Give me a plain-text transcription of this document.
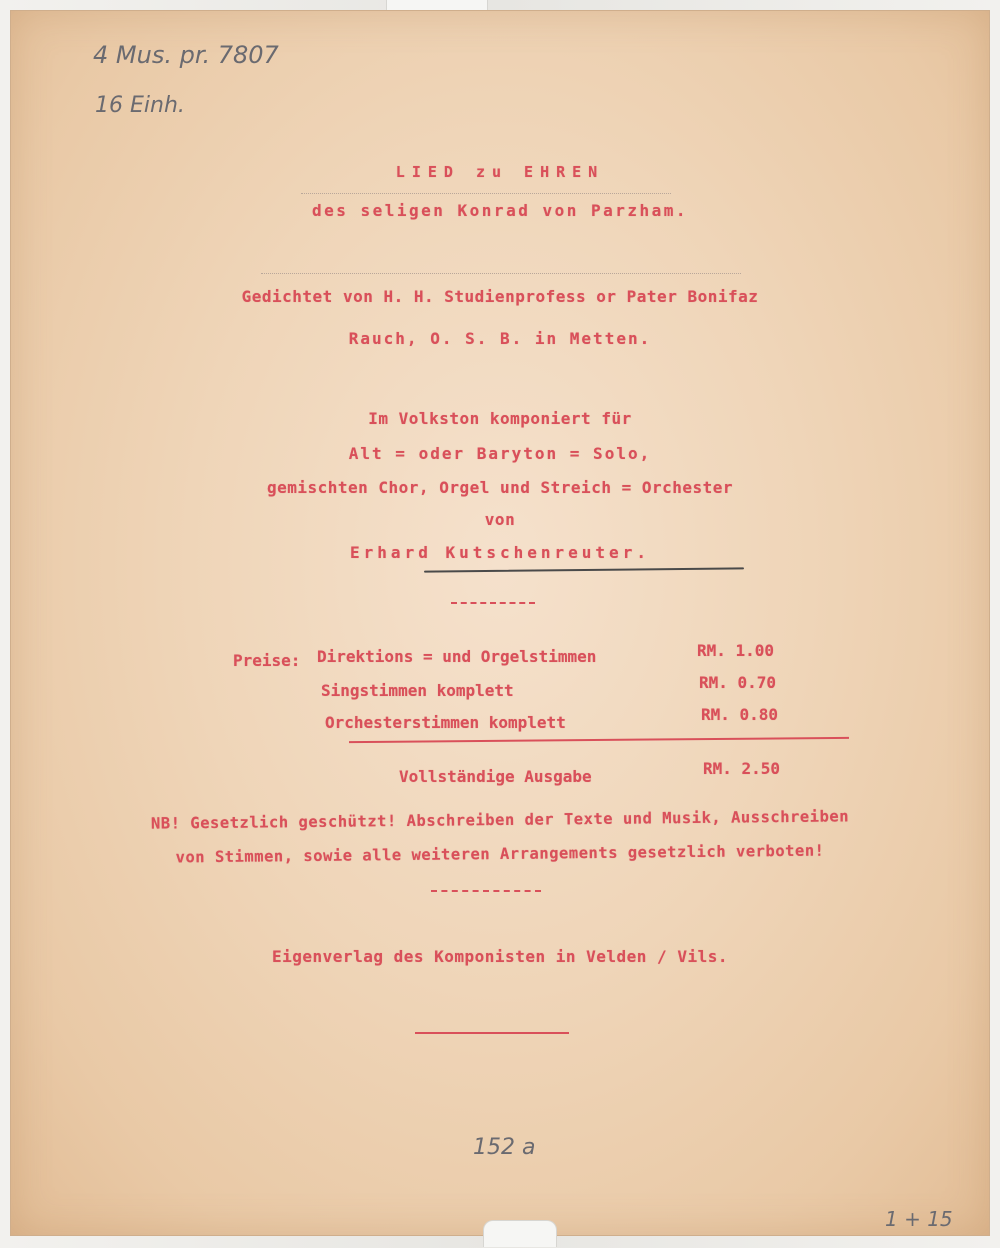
4 Mus. pr. 7807
16 Einh.
LIED zu EHREN
des seligen Konrad von Parzham.
Gedichtet von H. H. Studienprofess or Pater Bonifaz
Rauch, O. S. B. in Metten.
Im Volkston komponiert für
Alt = oder Baryton = Solo,
gemischten Chor, Orgel und Streich = Orchester
von
Erhard Kutschenreuter.
Preise: Direktions = und Orgelstimmen	RM. 1.00
Singstimmen komplett	RM. 0.70
Orchesterstimmen komplett	RM. 0.80
Vollständige Ausgabe	RM. 2.50
NB! Gesetzlich geschützt! Abschreiben der Texte und Musik, Ausschreiben
von Stimmen, sowie alle weiteren Arrangements gesetzlich verboten!
Eigenverlag des Komponisten in Velden / Vils.
152 a
1 + 15
